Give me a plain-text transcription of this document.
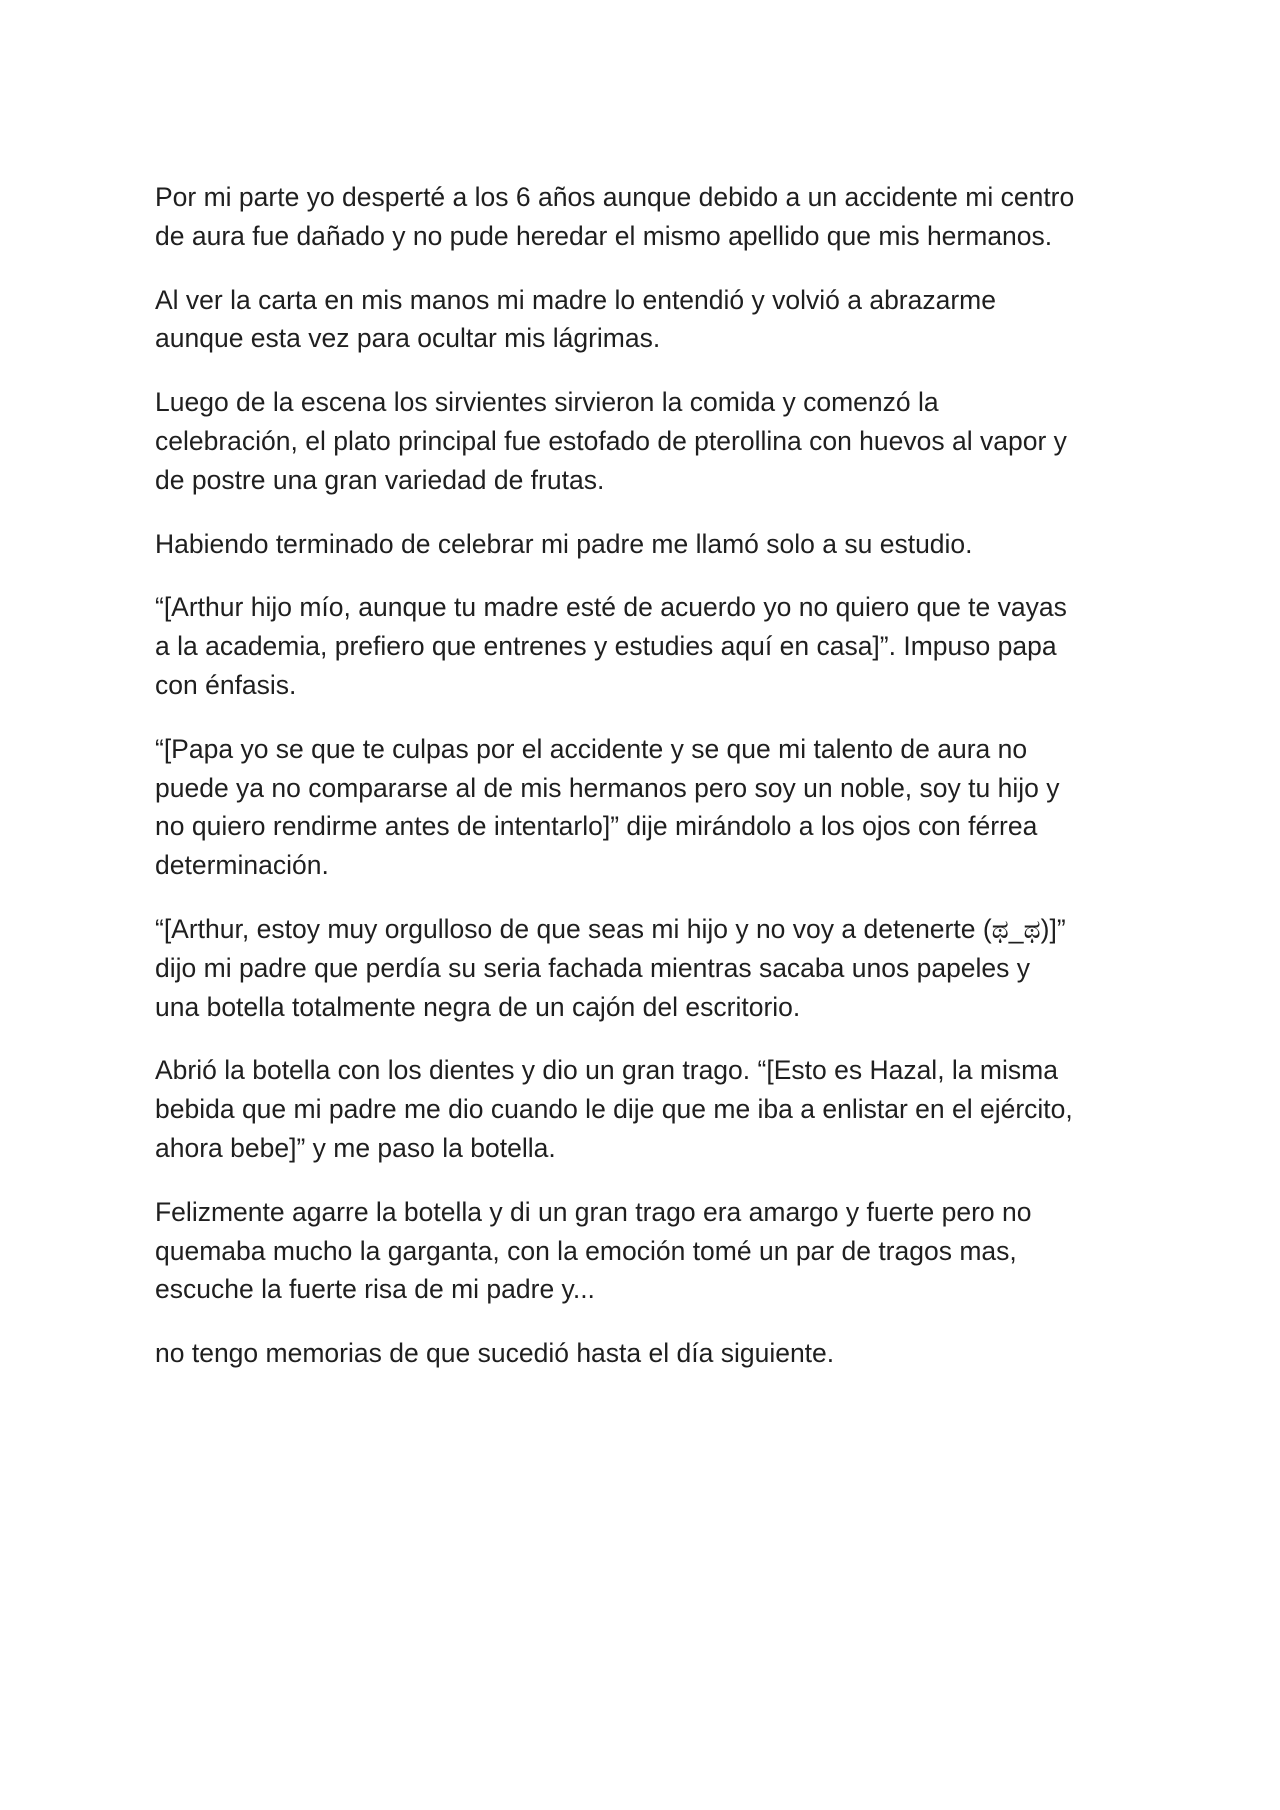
Por mi parte yo desperté a los 6 años aunque debido a un accidente mi centro
de aura fue dañado y no pude heredar el mismo apellido que mis hermanos.

Al ver la carta en mis manos mi madre lo entendió y volvió a abrazarme
aunque esta vez para ocultar mis lágrimas.

Luego de la escena los sirvientes sirvieron la comida y comenzó la
celebración, el plato principal fue estofado de pterollina con huevos al vapor y
de postre una gran variedad de frutas.

Habiendo terminado de celebrar mi padre me llamó solo a su estudio.

“[Arthur hijo mío, aunque tu madre esté de acuerdo yo no quiero que te vayas
a la academia, prefiero que entrenes y estudies aquí en casa]”. Impuso papa
con énfasis.

“[Papa yo se que te culpas por el accidente y se que mi talento de aura no
puede ya no compararse al de mis hermanos pero soy un noble, soy tu hijo y
no quiero rendirme antes de intentarlo]” dije mirándolo a los ojos con férrea
determinación.

“[Arthur, estoy muy orgulloso de que seas mi hijo y no voy a detenerte (ಥ_ಥ)]”
dijo mi padre que perdía su seria fachada mientras sacaba unos papeles y
una botella totalmente negra de un cajón del escritorio.

Abrió la botella con los dientes y dio un gran trago. “[Esto es Hazal, la misma
bebida que mi padre me dio cuando le dije que me iba a enlistar en el ejército,
ahora bebe]” y me paso la botella.

Felizmente agarre la botella y di un gran trago era amargo y fuerte pero no
quemaba mucho la garganta, con la emoción tomé un par de tragos mas,
escuche la fuerte risa de mi padre y...

no tengo memorias de que sucedió hasta el día siguiente.
